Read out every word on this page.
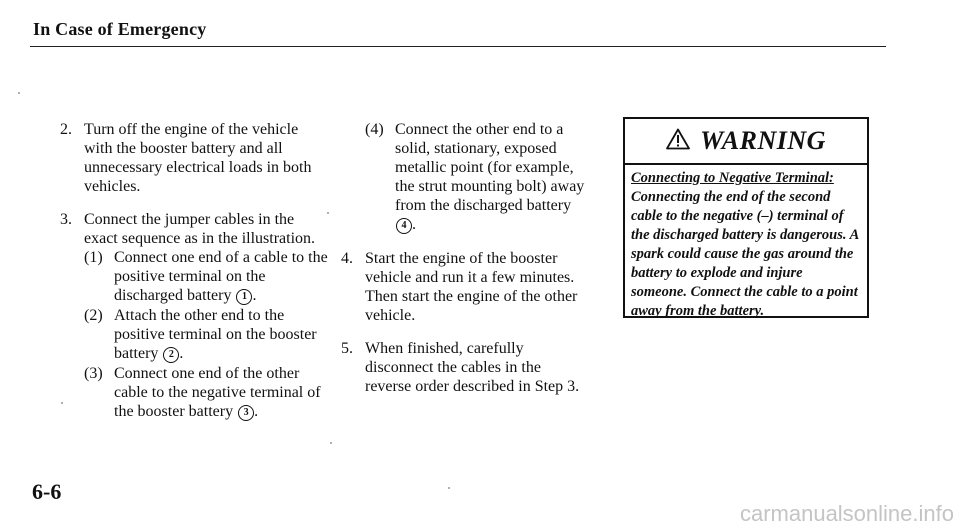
In Case of Emergency
2. Turn off the engine of the vehicle with the booster battery and all unnecessary electrical loads in both vehicles.
3. Connect the jumper cables in the exact sequence as in the illustration.
(1) Connect one end of a cable to the positive terminal on the discharged battery 1 .
(2) Attach the other end to the positive terminal on the booster battery 2 .
(3) Connect one end of the other cable to the negative terminal of the booster battery 3 .
(4) Connect the other end to a solid, stationary, exposed metallic point (for example, the strut mounting bolt) away from the discharged battery 4 .
4. Start the engine of the booster vehicle and run it a few minutes. Then start the engine of the other vehicle.
5. When finished, carefully disconnect the cables in the reverse order described in Step 3.
WARNING
Connecting to Negative Terminal:
Connecting the end of the second cable to the negative (–) terminal of the discharged battery is dangerous. A spark could cause the gas around the battery to explode and injure someone. Connect the cable to a point away from the battery.
6-6
carmanualsonline.info
